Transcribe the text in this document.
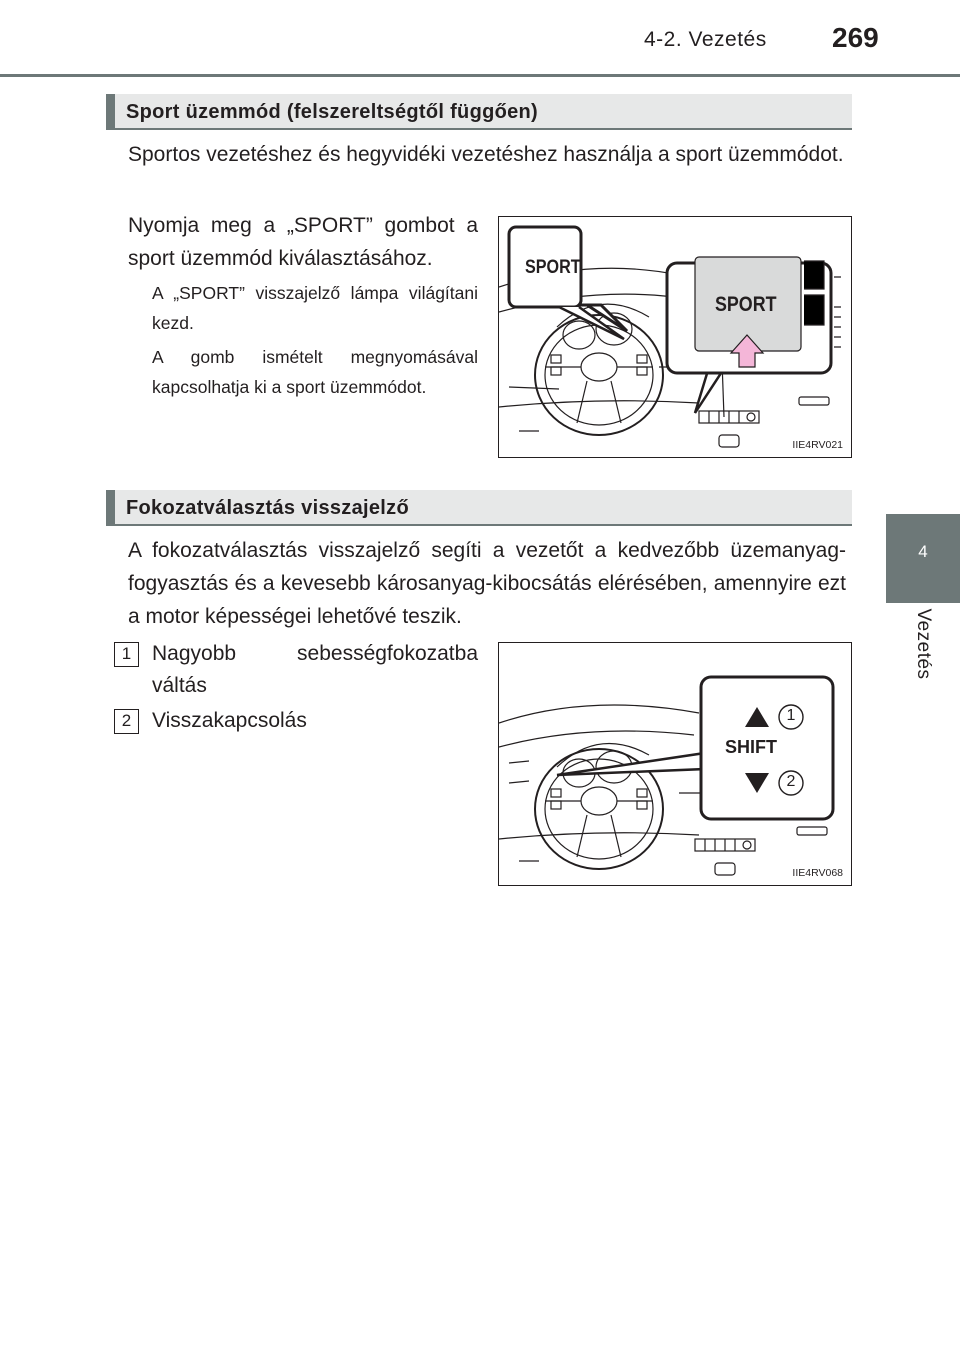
4-2. Vezetés 269
4
Vezetés
Sport üzemmód (felszereltségtől függően)
Sportos vezetéshez és hegyvidéki vezetéshez használja a sport üzemmódot.
Nyomja meg a „SPORT” gombot a sport üzemmód kiválasztásához.
A „SPORT” visszajelző lámpa világítani kezd.
A gomb ismételt megnyomásával kapcsolhatja ki a sport üzemmódot.
SPORT
SPORT
IIE4RV021
Fokozatválasztás visszajelző
A fokozatválasztás visszajelző segíti a vezetőt a kedvezőbb üzemanyag-fogyasztás és a kevesebb károsanyag-kibocsátás elérésében, amennyire ezt a motor képességei lehetővé teszik.
1 Nagyobb sebességfokozatba váltás
2 Visszakapcsolás
SHIFT
1
2
IIE4RV068
